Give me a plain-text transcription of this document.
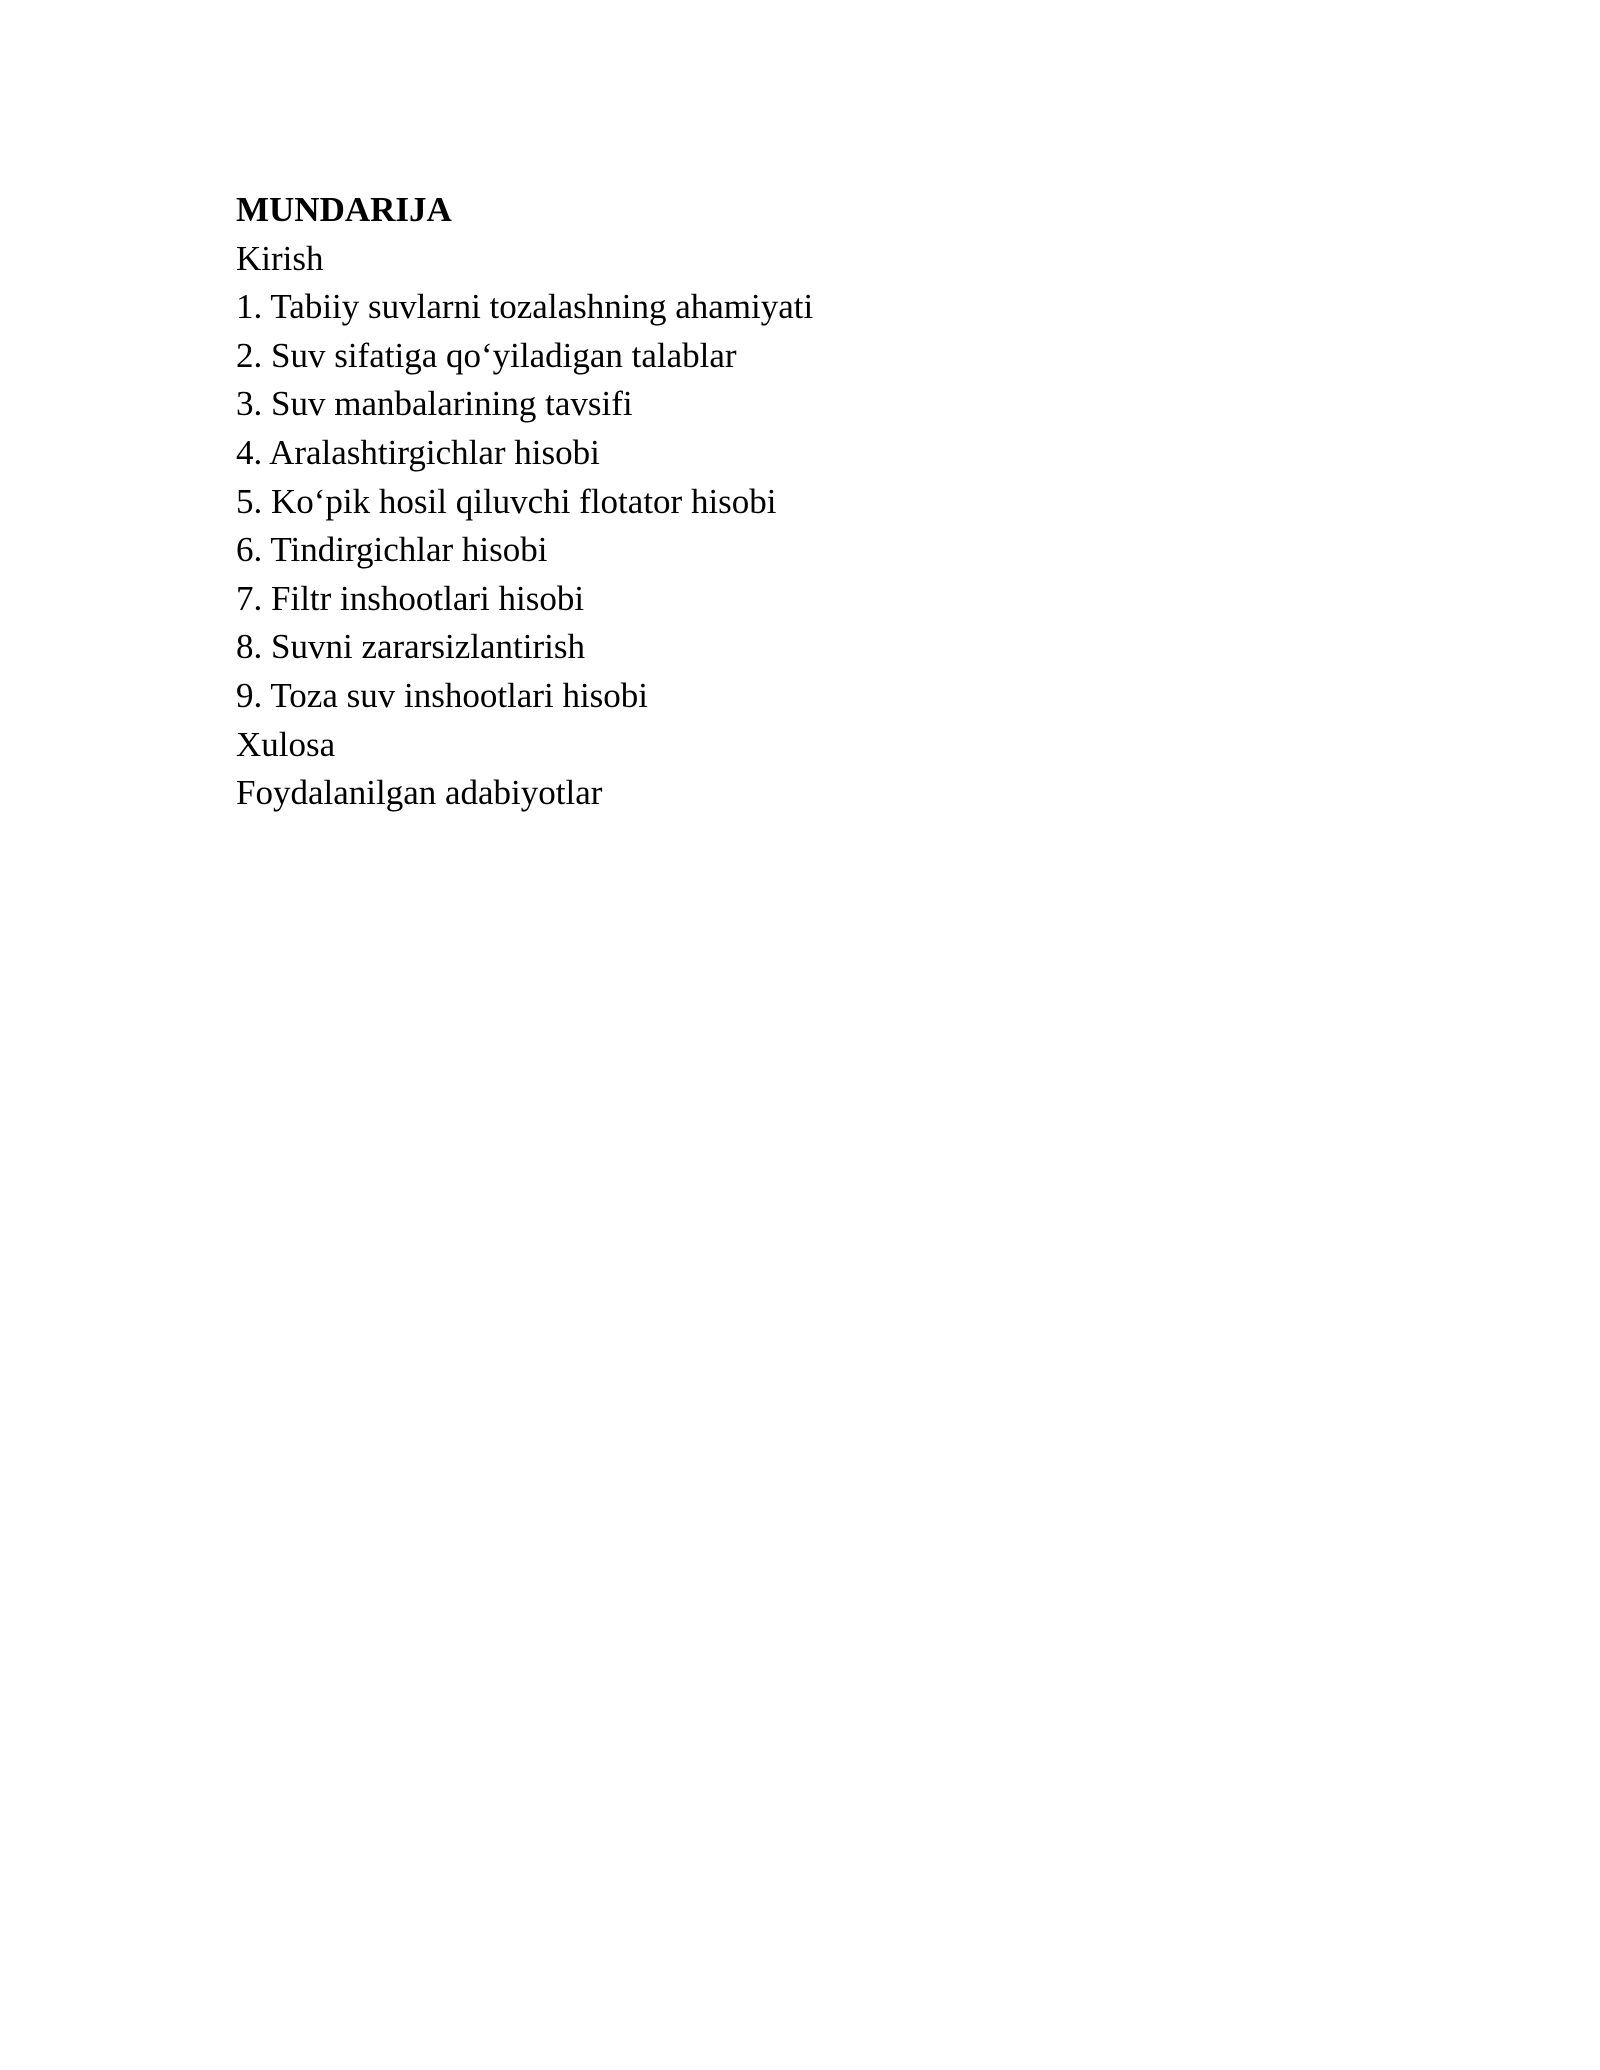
MUNDARIJA
Kirish
1. Tabiiy suvlarni tozalashning ahamiyati
2. Suv sifatiga qo‘yiladigan talablar
3. Suv manbalarining tavsifi
4. Aralashtirgichlar hisobi
5. Ko‘pik hosil qiluvchi flotator hisobi
6. Tindirgichlar hisobi
7. Filtr inshootlari hisobi
8. Suvni zararsizlantirish
9. Toza suv inshootlari hisobi
Xulosa
Foydalanilgan adabiyotlar
